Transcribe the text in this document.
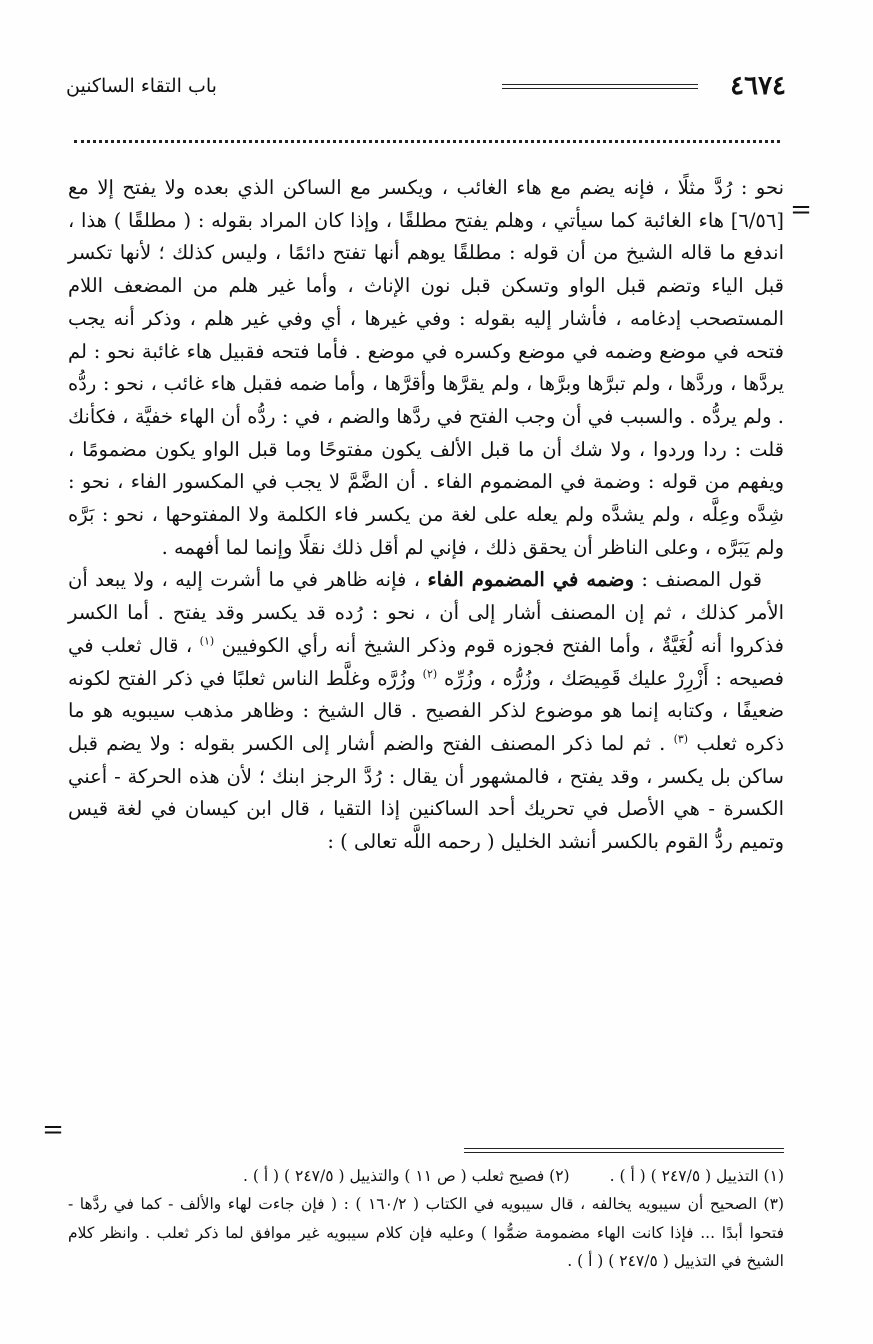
٤٦٧٤
باب التقاء الساكنين
=

نحو : رُدَّ مثلًا ، فإنه يضم مع هاء الغائب ، ويكسر مع الساكن الذي بعده ولا يفتح إلا مع [٦/٥٦] هاء الغائبة كما سيأتي ، وهلم يفتح مطلقًا ، وإذا كان المراد بقوله : ( مطلقًا ) هذا ، اندفع ما قاله الشيخ من أن قوله : مطلقًا يوهم أنها تفتح دائمًا ، وليس كذلك ؛ لأنها تكسر قبل الياء وتضم قبل الواو وتسكن قبل نون الإناث ، وأما غير هلم من المضعف اللام المستصحب إدغامه ، فأشار إليه بقوله : وفي غيرها ، أي وفي غير هلم ، وذكر أنه يجب فتحه في موضع وضمه في موضع وكسره في موضع . فأما فتحه فقبيل هاء غائبة نحو : لم يردَّها ، وردَّها ، ولم تبرَّها وبرَّها ، ولم يقرَّها وأقرَّها ، وأما ضمه فقبل هاء غائب ، نحو : ردُّه . ولم يردُّه . والسبب في أن وجب الفتح في ردَّها والضم ، في : ردُّه أن الهاء خفيَّة ، فكأنك قلت : ردا وردوا ، ولا شك أن ما قبل الألف يكون مفتوحًا وما قبل الواو يكون مضمومًا ، ويفهم من قوله : وضمة في المضموم الفاء . أن الضَّمَّ لا يجب في المكسور الفاء ، نحو : شِدَّه وعِلَّه ، ولم يشدَّه ولم يعله على لغة من يكسر فاء الكلمة ولا المفتوحها ، نحو : بَرَّه ولم يَبَرَّه ، وعلى الناظر أن يحقق ذلك ، فإني لم أقل ذلك نقلًا وإنما لما أفهمه .

قول المصنف : وضمه في المضموم الفاء ، فإنه ظاهر في ما أشرت إليه ، ولا يبعد أن الأمر كذلك ، ثم إن المصنف أشار إلى أن ، نحو : رُده قد يكسر وقد يفتح . أما الكسر فذكروا أنه لُغَيَّةٌ ، وأما الفتح فجوزه قوم وذكر الشيخ أنه رأي الكوفيين $^{(١)}$ ، قال ثعلب في فصيحه : أَزْرِرْ عليك قَمِيصَك ، وزُرُّه ، وزُرِّه $^{(٢)}$ وزُرَّه وغلَّط الناس ثعلبًا في ذكر الفتح لكونه ضعيفًا ، وكتابه إنما هو موضوع لذكر الفصيح . قال الشيخ : وظاهر مذهب سيبويه هو ما ذكره ثعلب $^{(٣)}$ . ثم لما ذكر المصنف الفتح والضم أشار إلى الكسر بقوله : ولا يضم قبل ساكن بل يكسر ، وقد يفتح ، فالمشهور أن يقال : رُدَّ الرجز ابنك ؛ لأن هذه الحركة - أعني الكسرة - هي الأصل في تحريك أحد الساكنين إذا التقيا ، قال ابن كيسان في لغة قيس وتميم ردُّ القوم بالكسر أنشد الخليل ( رحمه اللَّه تعالى ) :

=

(١) التذييل ( ٢٤٧/٥ ) ( أ ) .(٢) فصيح ثعلب ( ص ١١ ) والتذييل ( ٢٤٧/٥ ) ( أ ) .

(٣) الصحيح أن سيبويه يخالفه ، قال سيبويه في الكتاب ( ١٦٠/٢ ) : ( فإن جاءت لهاء والألف - كما في ردَّها - فتحوا أبدًا ... فإذا كانت الهاء مضمومة ضمُّوا ) وعليه فإن كلام سيبويه غير موافق لما ذكر ثعلب . وانظر كلام الشيخ في التذييل ( ٢٤٧/٥ ) ( أ ) .
